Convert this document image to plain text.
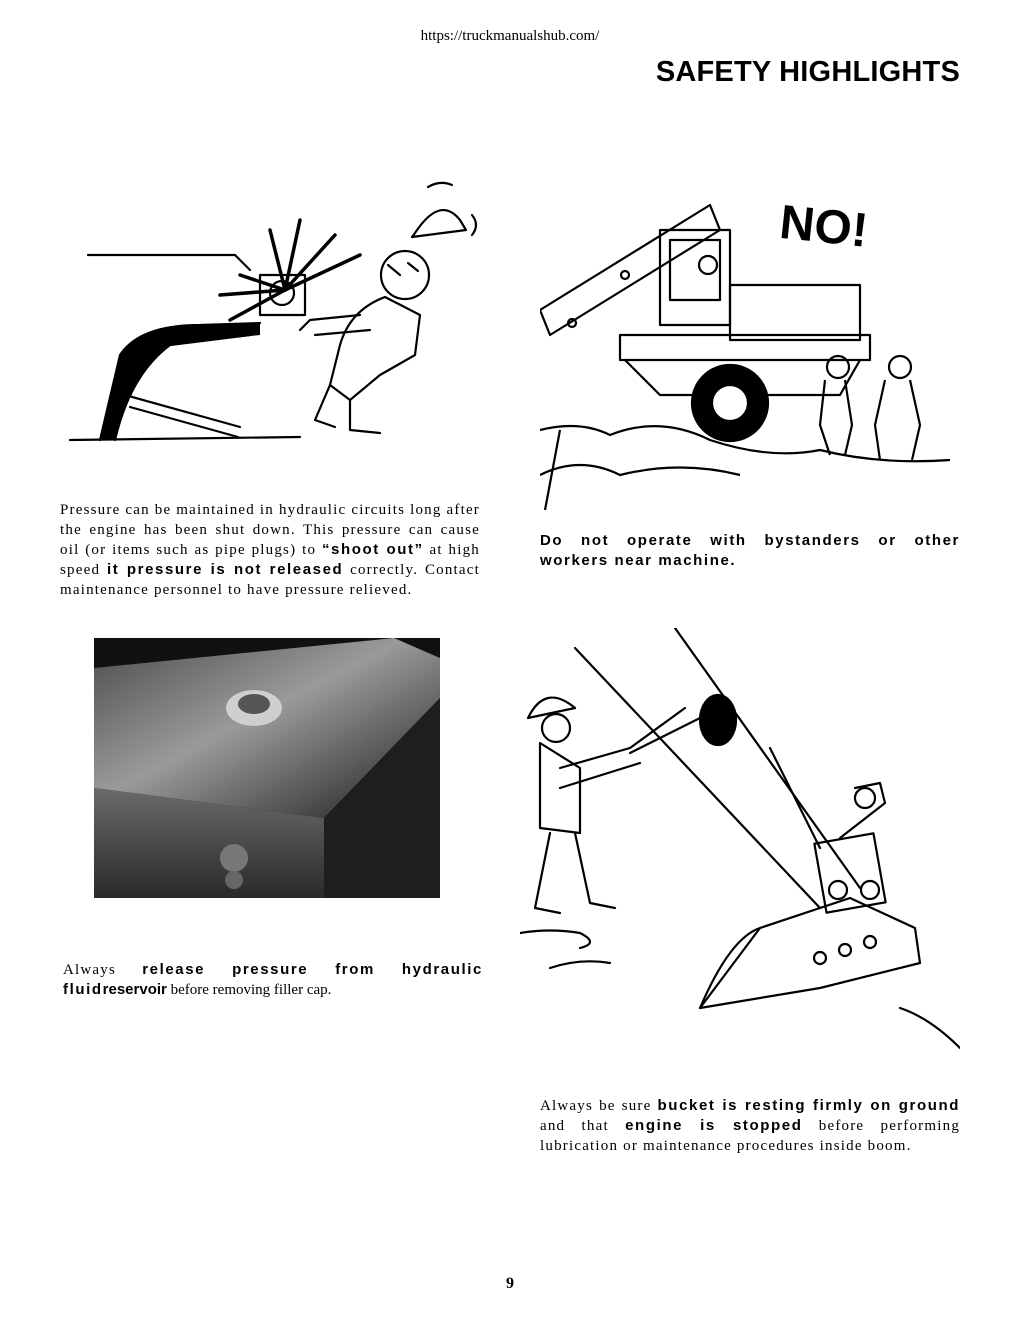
https://truckmanualshub.com/
SAFETY HIGHLIGHTS
NO!
Pressure can be maintained in hydraulic circuits long after the engine has been shut down. This pressure can cause oil (or items such as pipe plugs) to “shoot out” at high speed it pressure is not released correctly. Contact maintenance personnel to have pressure relieved.
Do not operate with bystanders or other workers near machine.
Always release pressure from hydraulic fluidreservoir before removing filler cap.
Always be sure bucket is resting firmly on ground and that engine is stopped before performing lubrication or maintenance procedures inside boom.
9
